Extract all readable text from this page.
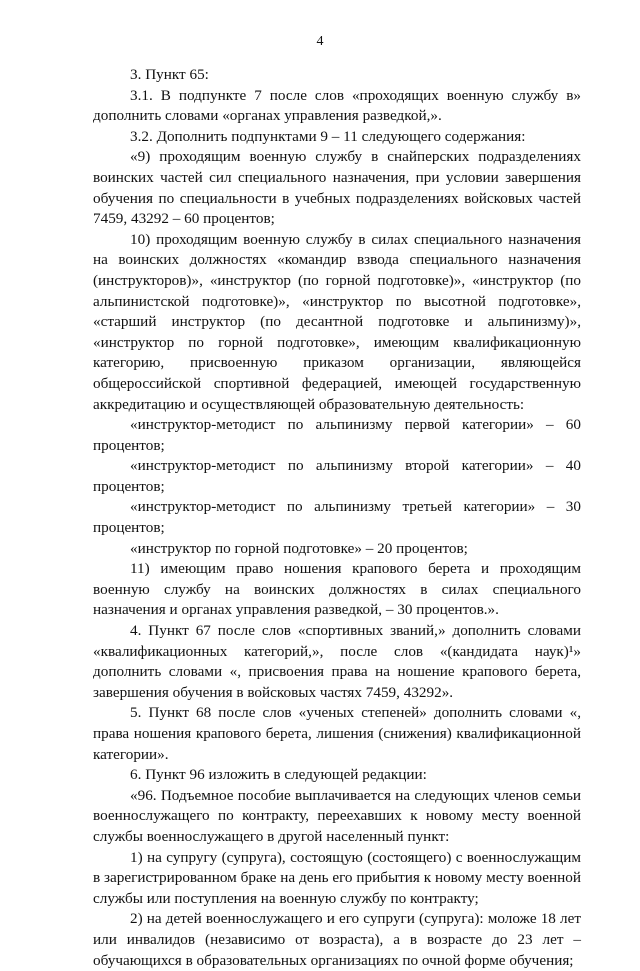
4

3. Пункт 65:

3.1. В подпункте 7 после слов «проходящих военную службу в» дополнить словами «органах управления разведкой,».

3.2. Дополнить подпунктами 9 – 11 следующего содержания:

«9) проходящим военную службу в снайперских подразделениях воинских частей сил специального назначения, при условии завершения обучения по специальности в учебных подразделениях войсковых частей 7459, 43292 – 60 процентов;

10) проходящим военную службу в силах специального назначения на воинских должностях «командир взвода специального назначения (инструкторов)», «инструктор (по горной подготовке)», «инструктор (по альпинистской подготовке)», «инструктор по высотной подготовке», «старший инструктор (по десантной подготовке и альпинизму)», «инструктор по горной подготовке», имеющим квалификационную категорию, присвоенную приказом организации, являющейся общероссийской спортивной федерацией, имеющей государственную аккредитацию и осуществляющей образовательную деятельность:

«инструктор-методист по альпинизму первой категории» – 60 процентов;

«инструктор-методист по альпинизму второй категории» – 40 процентов;

«инструктор-методист по альпинизму третьей категории» – 30 процентов;

«инструктор по горной подготовке» – 20 процентов;

11) имеющим право ношения крапового берета и проходящим военную службу на воинских должностях в силах специального назначения и органах управления разведкой, – 30 процентов.».

4. Пункт 67 после слов «спортивных званий,» дополнить словами «квалификационных категорий,», после слов «(кандидата наук)¹» дополнить словами «, присвоения права на ношение крапового берета, завершения обучения в войсковых частях 7459, 43292».

5. Пункт 68 после слов «ученых степеней» дополнить словами «, права ношения крапового берета, лишения (снижения) квалификационной категории».

6. Пункт 96 изложить в следующей редакции:

«96. Подъемное пособие выплачивается на следующих членов семьи военнослужащего по контракту, переехавших к новому месту военной службы военнослужащего в другой населенный пункт:

1) на супругу (супруга), состоящую (состоящего) с военнослужащим в зарегистрированном браке на день его прибытия к новому месту военной службы или поступления на военную службу по контракту;

2) на детей военнослужащего и его супруги (супруга): моложе 18 лет или инвалидов (независимо от возраста), а в возрасте до 23 лет – обучающихся в образовательных организациях по очной форме обучения;
